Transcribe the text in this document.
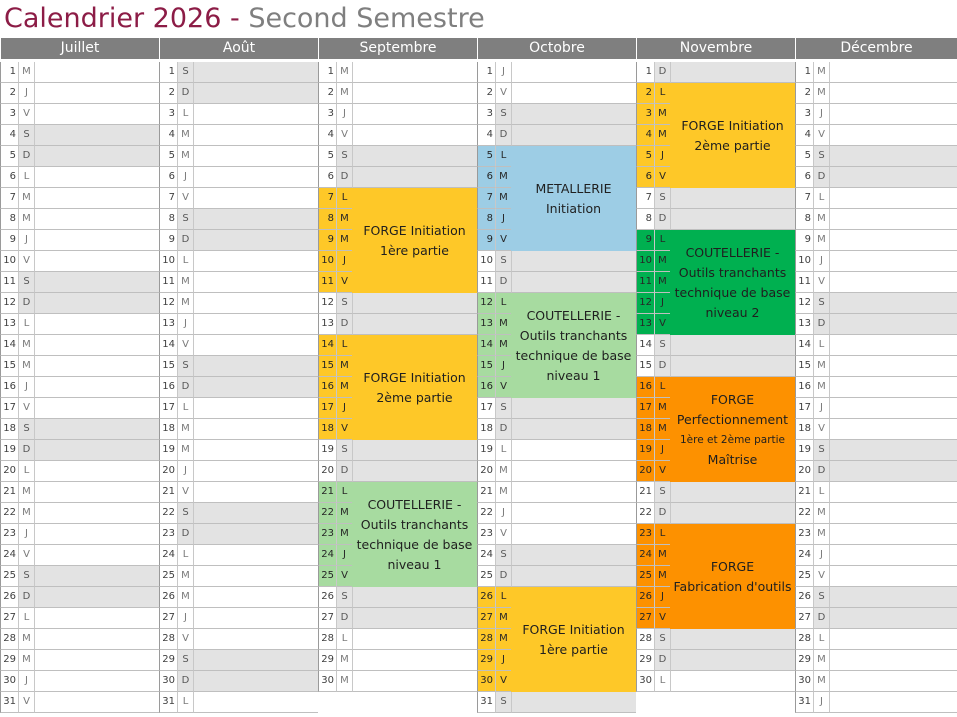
Calendrier 2026 - Second Semestre
Juillet
1 M
2 J
3 V
4 S
5 D
6 L
7 M
8 M
9 J
10 V
11 S
12 D
13 L
14 M
15 M
16 J
17 V
18 S
19 D
20 L
21 M
22 M
23 J
24 V
25 S
26 D
27 L
28 M
29 M
30 J
31 V
Août
1 S
2 D
3 L
4 M
5 M
6 J
7 V
8 S
9 D
10 L
11 M
12 M
13 J
14 V
15 S
16 D
17 L
18 M
19 M
20 J
21 V
22 S
23 D
24 L
25 M
26 M
27 J
28 V
29 S
30 D
31 L
Septembre
1 M
2 M
3 J
4 V
5 S
6 D
7 L
8 M
9 M
10 J
11 V
12 S
13 D
14 L
15 M
16 M
17 J
18 V
19 S
20 D
21 L
22 M
23 M
24 J
25 V
26 S
27 D
28 L
29 M
30 M
Octobre
1 J
2 V
3 S
4 D
5 L
6 M
7 M
8 J
9 V
10 S
11 D
12 L
13 M
14 M
15 J
16 V
17 S
18 D
19 L
20 M
21 M
22 J
23 V
24 S
25 D
26 L
27 M
28 M
29 J
30 V
31 S
Novembre
1 D
2 L
3 M
4 M
5 J
6 V
7 S
8 D
9 L
10 M
11 M
12 J
13 V
14 S
15 D
16 L
17 M
18 M
19 J
20 V
21 S
22 D
23 L
24 M
25 M
26 J
27 V
28 S
29 D
30 L
Décembre
1 M
2 M
3 J
4 V
5 S
6 D
7 L
8 M
9 M
10 J
11 V
12 S
13 D
14 L
15 M
16 M
17 J
18 V
19 S
20 D
21 L
22 M
23 M
24 J
25 V
26 S
27 D
28 L
29 M
30 M
31 J
FORGE Initiation
1ère partie
FORGE Initiation
2ème partie
COUTELLERIE -
Outils tranchants
technique de base
niveau 1
METALLERIE
Initiation
COUTELLERIE -
Outils tranchants
technique de base
niveau 1
FORGE Initiation
1ère partie
FORGE Initiation
2ème partie
COUTELLERIE -
Outils tranchants
technique de base
niveau 2
FORGE
Perfectionnement
1ère et 2ème partie
Maîtrise
FORGE
Fabrication d'outils
